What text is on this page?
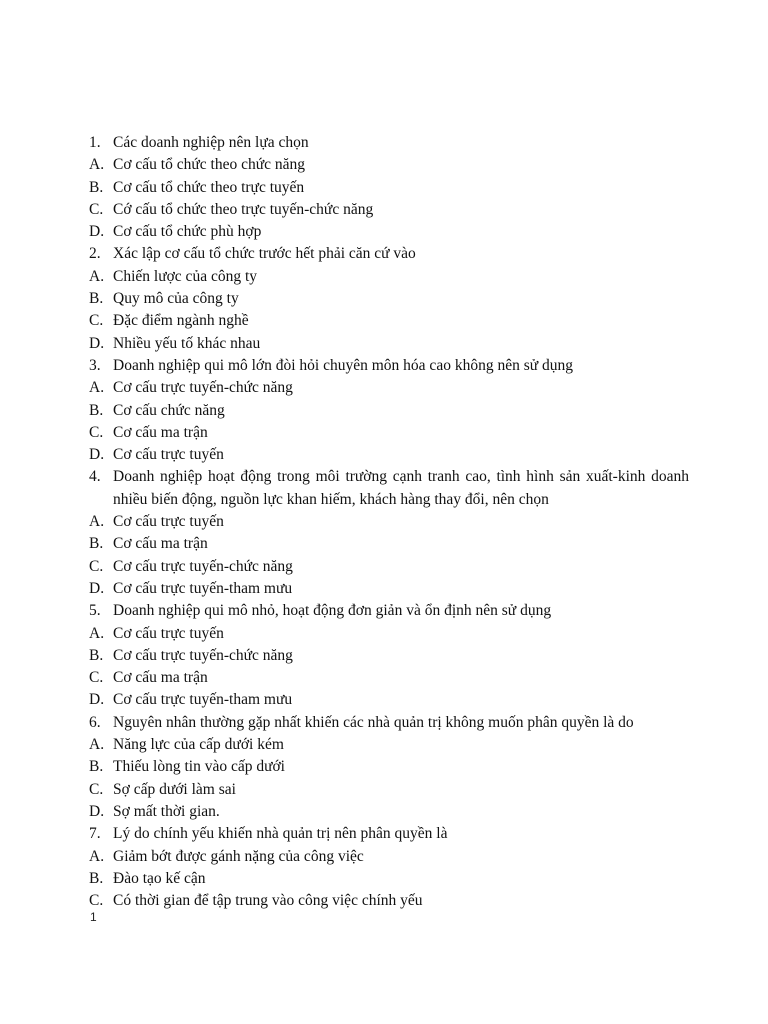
1. Các doanh nghiệp nên lựa chọn
A. Cơ cấu tổ chức theo chức năng
B. Cơ cấu tổ chức theo trực tuyến
C. Cớ cấu tổ chức theo trực tuyến-chức năng
D. Cơ cấu tổ chức phù hợp
2. Xác lập cơ cấu tổ chức trước hết phải căn cứ vào
A. Chiến lược của công ty
B. Quy mô của công ty
C. Đặc điểm ngành nghề
D. Nhiều yếu tố khác nhau
3. Doanh nghiệp qui mô lớn đòi hỏi chuyên môn hóa cao không nên sử dụng
A. Cơ cấu trực tuyến-chức năng
B. Cơ cấu chức năng
C. Cơ cấu ma trận
D. Cơ cấu trực tuyến
4. Doanh nghiệp hoạt động trong môi trường cạnh tranh cao, tình hình sản xuất-kinh doanh nhiều biến động, nguồn lực khan hiếm, khách hàng thay đổi, nên chọn
A. Cơ cấu trực tuyến
B. Cơ cấu ma trận
C. Cơ cấu trực tuyến-chức năng
D. Cơ cấu trực tuyến-tham mưu
5. Doanh nghiệp qui mô nhỏ, hoạt động đơn giản và ổn định nên sử dụng
A. Cơ cấu trực tuyến
B. Cơ cấu trực tuyến-chức năng
C. Cơ cấu ma trận
D. Cơ cấu trực tuyến-tham mưu
6. Nguyên nhân thường gặp nhất khiến các nhà quản trị không muốn phân quyền là do
A. Năng lực của cấp dưới kém
B. Thiếu lòng tin vào cấp dưới
C. Sợ cấp dưới làm sai
D. Sợ mất thời gian.
7. Lý do chính yếu khiến nhà quản trị nên phân quyền là
A. Giảm bớt được gánh nặng của công việc
B. Đào tạo kế cận
C. Có thời gian để tập trung vào công việc chính yếu
1
